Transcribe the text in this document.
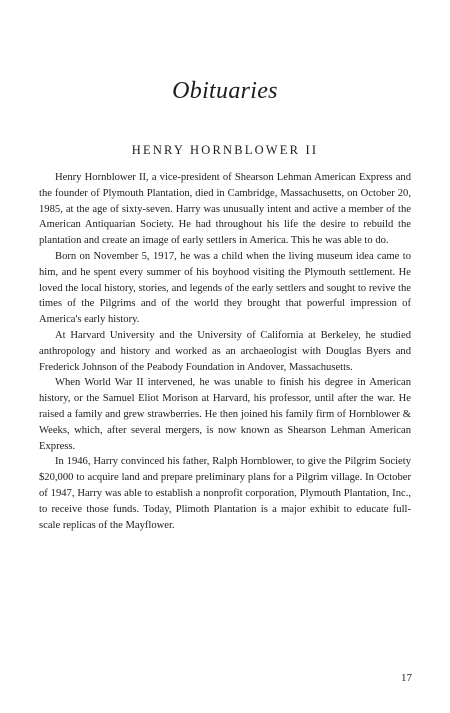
Obituaries
HENRY HORNBLOWER II

Henry Hornblower II, a vice-president of Shearson Lehman American Express and the founder of Plymouth Plantation, died in Cambridge, Massachusetts, on October 20, 1985, at the age of sixty-seven. Harry was unusually intent and active a member of the American Antiquarian Society. He had throughout his life the desire to rebuild the plantation and create an image of early settlers in America. This he was able to do.

Born on November 5, 1917, he was a child when the living museum idea came to him, and he spent every summer of his boyhood visiting the Plymouth settlement. He loved the local history, stories, and legends of the early settlers and sought to revive the times of the Pilgrims and of the world they brought that powerful impression of America's early history.

At Harvard University and the University of California at Berkeley, he studied anthropology and history and worked as an archaeologist with Douglas Byers and Frederick Johnson of the Peabody Foundation in Andover, Massachusetts.

When World War II intervened, he was unable to finish his degree in American history, or the Samuel Eliot Morison at Harvard, his professor, until after the war. He raised a family and grew strawberries. He then joined his family firm of Hornblower & Weeks, which, after several mergers, is now known as Shearson Lehman American Express.

In 1946, Harry convinced his father, Ralph Hornblower, to give the Pilgrim Society $20,000 to acquire land and prepare preliminary plans for a Pilgrim village. In October of 1947, Harry was able to establish a nonprofit corporation, Plymouth Plantation, Inc., to receive those funds. Today, Plimoth Plantation is a major exhibit to educate full-scale replicas of the Mayflower.

17
